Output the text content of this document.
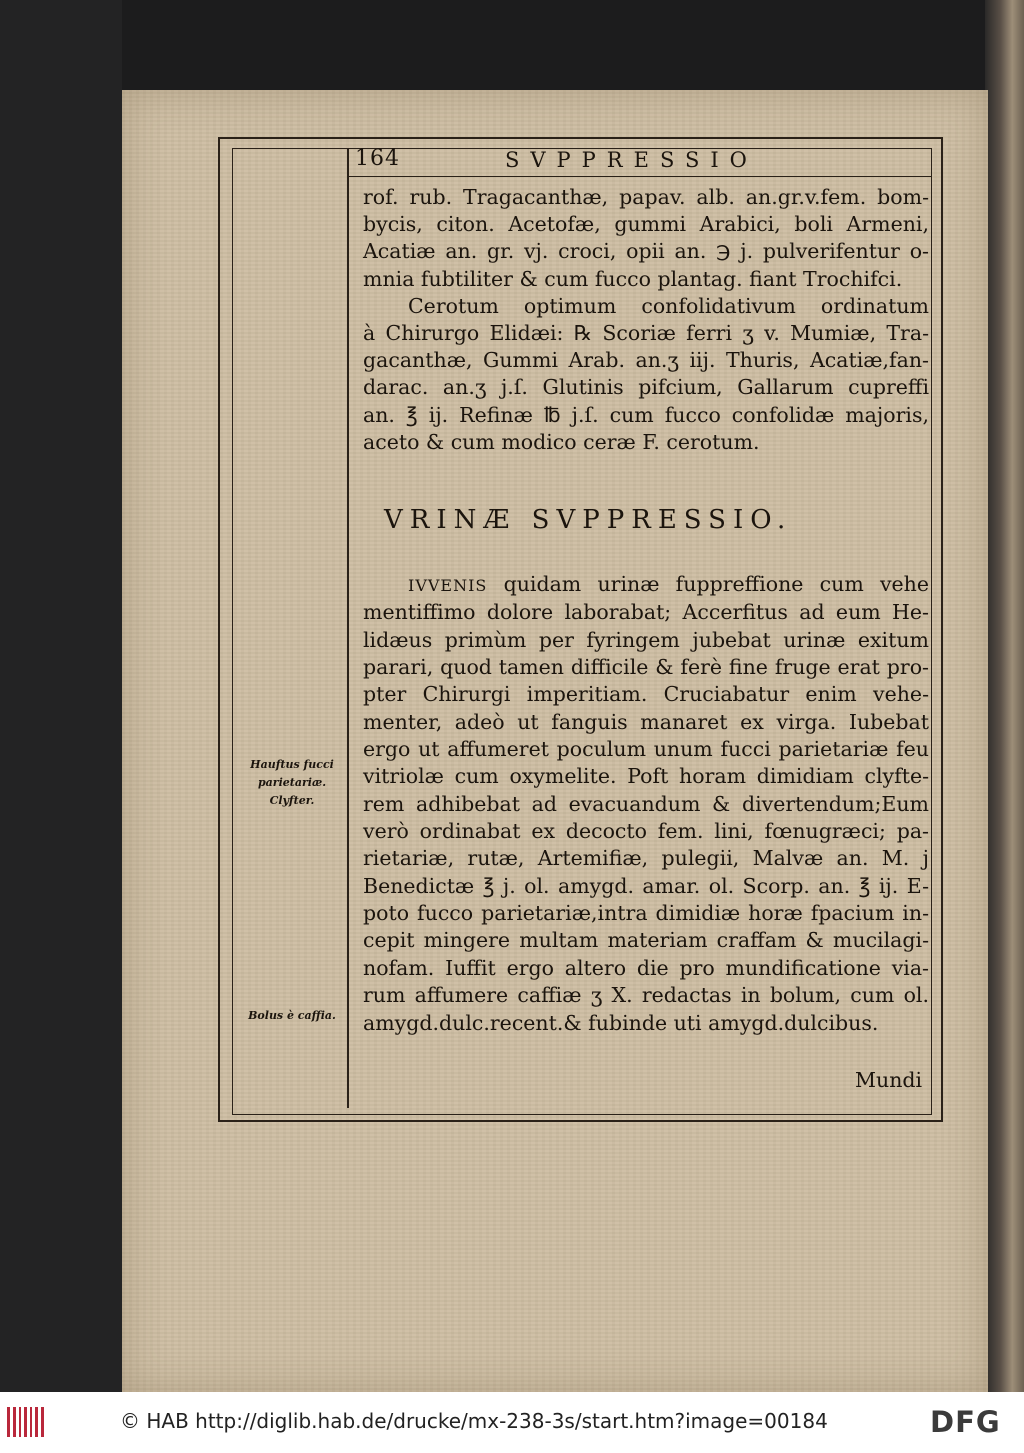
164	SVPPRESSIO
rof. rub. Tragacanthæ, papav. alb. an.gr.v.fem. bom-
bycis, citon. Acetofæ, gummi Arabici, boli Armeni,
Acatiæ an. gr. vj. croci, opii an. ℈ j. pulverifentur o-
mnia fubtiliter & cum fucco plantag. fiant Trochifci.
Cerotum optimum confolidativum ordinatum
à Chirurgo Elidæi: ℞ Scoriæ ferri ʒ v. Mumiæ, Tra-
gacanthæ, Gummi Arab. an.ʒ iij. Thuris, Acatiæ,fan-
darac. an.ʒ j.ſ. Glutinis pifcium, Gallarum cupreffi
an. ℥ ij. Refinæ ℔ j.ſ. cum fucco confolidæ majoris,
aceto & cum modico ceræ F. cerotum.
VRINÆ SVPPRESSIO.
IVVENIS quidam urinæ fuppreffione cum vehe
mentiffimo dolore laborabat; Accerfitus ad eum He-
lidæus primùm per fyringem jubebat urinæ exitum
parari, quod tamen difficile & ferè fine fruge erat pro-
pter Chirurgi imperitiam. Cruciabatur enim vehe-
menter, adeò ut fanguis manaret ex virga. Iubebat
ergo ut affumeret poculum unum fucci parietariæ feu
vitriolæ cum oxymelite. Poft horam dimidiam clyfte-
rem adhibebat ad evacuandum & divertendum;Eum
verò ordinabat ex decocto fem. lini, fœnugræci; pa-
rietariæ, rutæ, Artemifiæ, pulegii, Malvæ an. M. j
Benedictæ ℥ j. ol. amygd. amar. ol. Scorp. an. ℥ ij. E-
poto fucco parietariæ,intra dimidiæ horæ fpacium in-
cepit mingere multam materiam craffam & mucilagi-
nofam. Iuffit ergo altero die pro mundificatione via-
rum affumere caffiæ ʒ X. redactas in bolum, cum ol.
amygd.dulc.recent.& fubinde uti amygd.dulcibus.
Mundi
Hauftus fucci
parietariæ.
Clyfter.
Bolus è caffia.
© HAB http://diglib.hab.de/drucke/mx-238-3s/start.htm?image=00184	DFG
